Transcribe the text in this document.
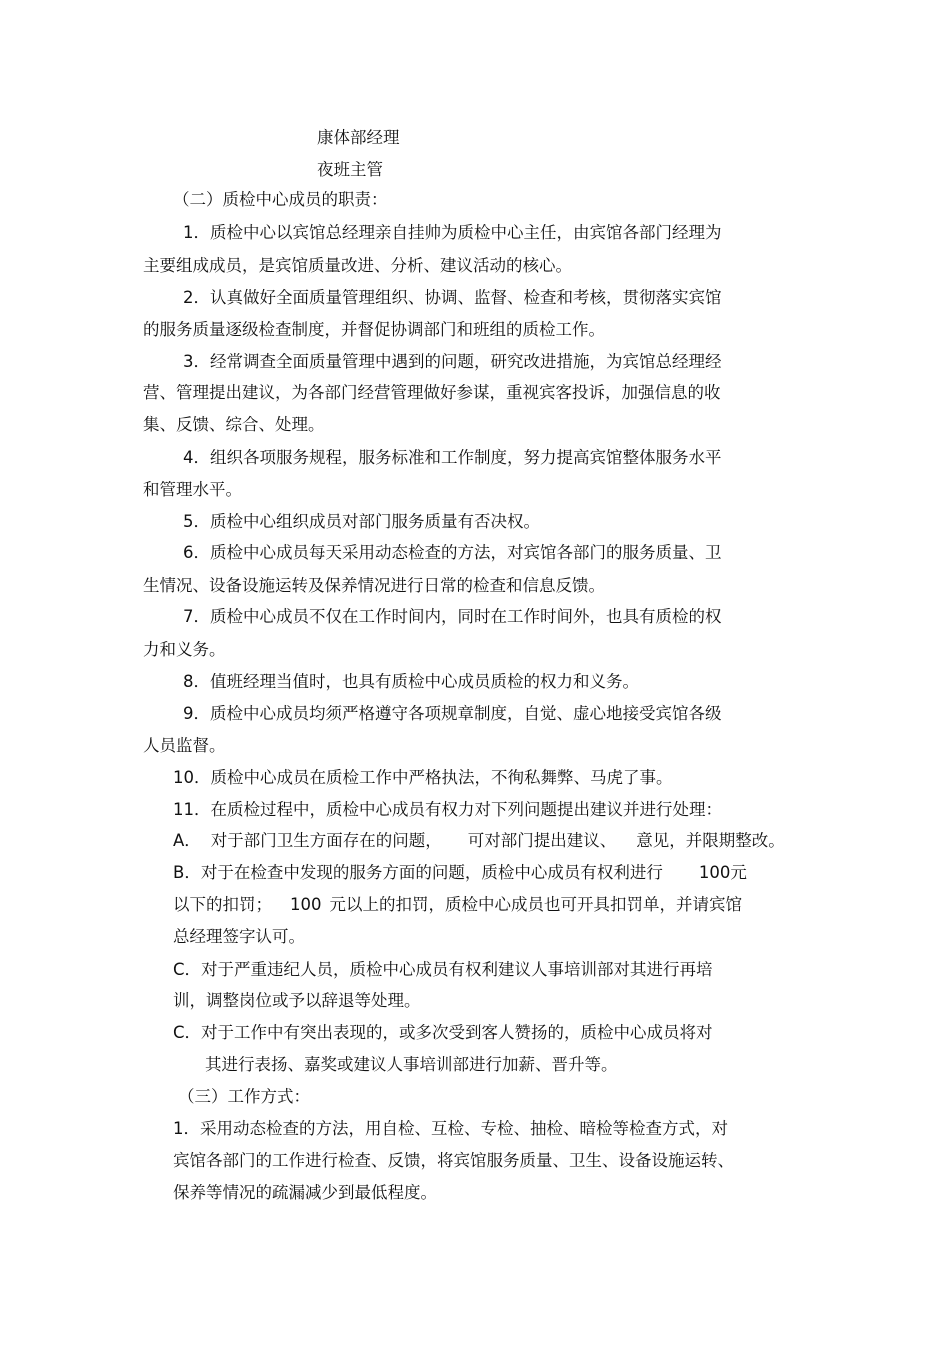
康体部经理
夜班主管
（二）质检中心成员的职责：
1．质检中心以宾馆总经理亲自挂帅为质检中心主任，由宾馆各部门经理为
主要组成成员，是宾馆质量改进、分析、建议活动的核心。
2．认真做好全面质量管理组织、协调、监督、检查和考核，贯彻落实宾馆
的服务质量逐级检查制度，并督促协调部门和班组的质检工作。
3．经常调查全面质量管理中遇到的问题，研究改进措施，为宾馆总经理经
营、管理提出建议，为各部门经营管理做好参谋，重视宾客投诉，加强信息的收
集、反馈、综合、处理。
4．组织各项服务规程，服务标准和工作制度，努力提高宾馆整体服务水平
和管理水平。
5．质检中心组织成员对部门服务质量有否决权。
6．质检中心成员每天采用动态检查的方法，对宾馆各部门的服务质量、卫
生情况、设备设施运转及保养情况进行日常的检查和信息反馈。
7．质检中心成员不仅在工作时间内，同时在工作时间外，也具有质检的权
力和义务。
8．值班经理当值时，也具有质检中心成员质检的权力和义务。
9．质检中心成员均须严格遵守各项规章制度，自觉、虚心地接受宾馆各级
人员监督。
10．质检中心成员在质检工作中严格执法，不徇私舞弊、马虎了事。
11．在质检过程中，质检中心成员有权力对下列问题提出建议并进行处理：
A． 对于部门卫生方面存在的问题， 可对部门提出建议、 意见，并限期整改。
B．对于在检查中发现的服务方面的问题，质检中心成员有权利进行 100元
以下的扣罚； 100 元以上的扣罚，质检中心成员也可开具扣罚单，并请宾馆
总经理签字认可。
C．对于严重违纪人员，质检中心成员有权利建议人事培训部对其进行再培
训，调整岗位或予以辞退等处理。
C．对于工作中有突出表现的，或多次受到客人赞扬的，质检中心成员将对
其进行表扬、嘉奖或建议人事培训部进行加薪、晋升等。
（三）工作方式：
1．采用动态检查的方法，用自检、互检、专检、抽检、暗检等检查方式，对
宾馆各部门的工作进行检查、反馈，将宾馆服务质量、卫生、设备设施运转、
保养等情况的疏漏减少到最低程度。
